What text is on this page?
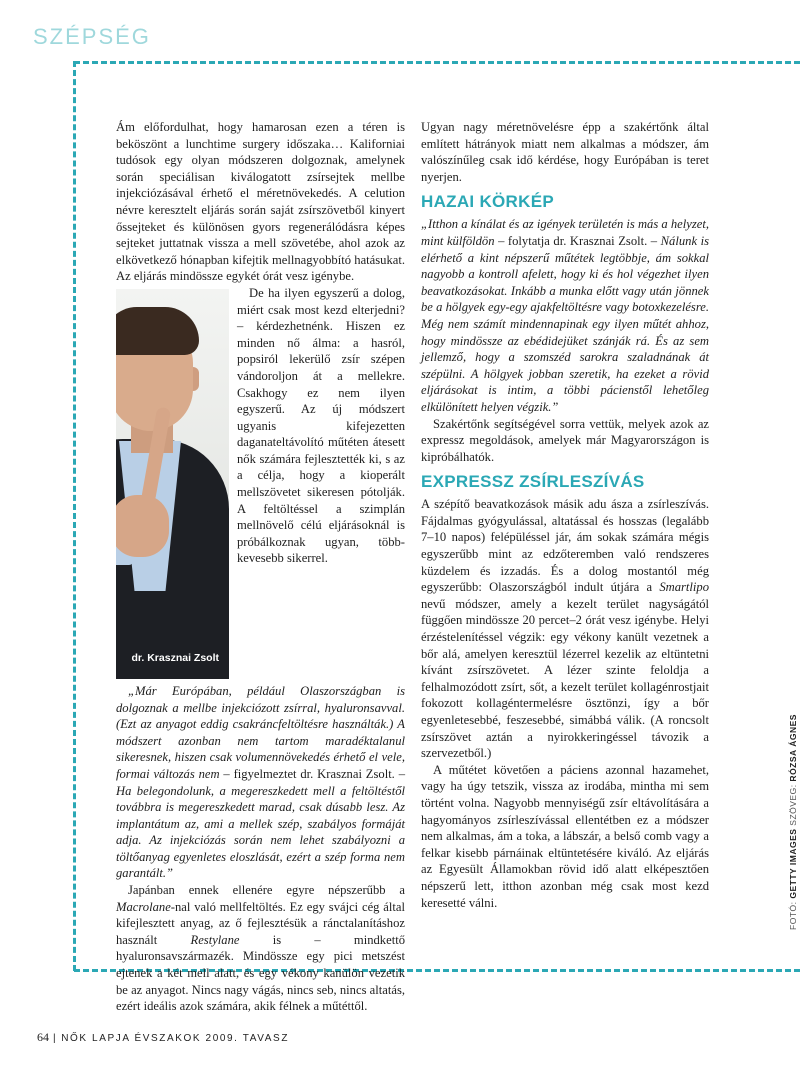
SZÉPSÉG

Ám előfordulhat, hogy hamarosan ezen a téren is beköszönt a lunchtime surgery időszaka… Kaliforniai tudósok egy olyan módszeren dolgoznak, amelynek során speciálisan kiválogatott zsírsejtek mellbe injekciózásával érhető el méretnövekedés. A celution névre keresztelt eljárás során saját zsírszövetből kinyert őssejteket és különösen gyors regenerálódásra képes sejteket juttatnak vissza a mell szövetébe, ahol azok az elkövetkező hónapban kifejtik mellnagyobbító hatásukat. Az eljárás mindössze egykét órát vesz igénybe.

dr. Krasznai Zsolt

De ha ilyen egyszerű a dolog, miért csak most kezd elterjedni? – kérdezhetnénk. Hiszen ez minden nő álma: a hasról, popsiról lekerülő zsír szépen vándoroljon át a mellekre. Csakhogy ez nem ilyen egyszerű. Az új módszert ugyanis kifejezetten daganateltávolító műtéten átesett nők számára fejlesztették ki, s az a célja, hogy a kioperált mellszövetet sikeresen pótolják. A feltöltéssel a szimplán mellnövelő célú eljárásoknál is próbálkoznak ugyan, több-kevesebb sikerrel.

„Már Európában, például Olaszországban is dolgoznak a mellbe injekciózott zsírral, hyaluronsavval. (Ezt az anyagot eddig csakráncfeltöltésre használták.) A módszert azonban nem tartom maradéktalanul sikeresnek, hiszen csak volumennövekedés érhető el vele, formai változás nem – figyelmeztet dr. Krasznai Zsolt. – Ha belegondolunk, a megereszkedett mell a feltöltéstől továbbra is megereszkedett marad, csak dúsabb lesz. Az implantátum az, ami a mellek szép, szabályos formáját adja. Az injekciózás során nem lehet szabályozni a töltőanyag egyenletes eloszlását, ezért a szép forma nem garantált.”

Japánban ennek ellenére egyre népszerűbb a Macrolane-nal való mellfeltöltés. Ez egy svájci cég által kifejlesztett anyag, az ő fejlesztésük a ránctalanításhoz használt Restylane is – mindkettő hyaluronsavszármazék. Mindössze egy pici metszést ejtenek a két mell alatt, és egy vékony kanülön vezetik be az anyagot. Nincs nagy vágás, nincs seb, nincs altatás, ezért ideális azok számára, akik félnek a műtéttől.

Ugyan nagy méretnövelésre épp a szakértőnk által említett hátrányok miatt nem alkalmas a módszer, ám valószínűleg csak idő kérdése, hogy Európában is teret nyerjen.

HAZAI KÖRKÉP

„Itthon a kínálat és az igények területén is más a helyzet, mint külföldön – folytatja dr. Krasznai Zsolt. – Nálunk is elérhető a kint népszerű műtétek legtöbbje, ám sokkal nagyobb a kontroll afelett, hogy ki és hol végezhet ilyen beavatkozásokat. Inkább a munka előtt vagy után jönnek be a hölgyek egy-egy ajakfeltöltésre vagy botoxkezelésre. Még nem számít mindennapinak egy ilyen műtét ahhoz, hogy mindössze az ebédidejüket szánják rá. És az sem jellemző, hogy a szomszéd sarokra szaladnának át szépülni. A hölgyek jobban szeretik, ha ezeket a rövid eljárásokat is intim, a többi pácienstől lehetőleg elkülönített helyen végzik.”

Szakértőnk segítségével sorra vettük, melyek azok az expressz megoldások, amelyek már Magyarországon is kipróbálhatók.

EXPRESSZ ZSÍRLESZÍVÁS

A szépítő beavatkozások másik adu ásza a zsírleszívás. Fájdalmas gyógyulással, altatással és hosszas (legalább 7–10 napos) felépüléssel jár, ám sokak számára mégis egyszerűbb mint az edzőteremben való rendszeres küzdelem és izzadás. És a dolog mostantól még egyszerűbb: Olaszországból indult útjára a Smartlipo nevű módszer, amely a kezelt terület nagyságától függően mindössze 20 percet–2 órát vesz igénybe. Helyi érzéstelenítéssel végzik: egy vékony kanült vezetnek a bőr alá, amelyen keresztül lézerrel kezelik az eltüntetni kívánt zsírszövetet. A lézer szinte feloldja a felhalmozódott zsírt, sőt, a kezelt terület kollagénrostjait fokozott kollagéntermelésre ösztönzi, így a bőr egyenletesebbé, feszesebbé, simábbá válik. (A roncsolt zsírszövet aztán a nyirokkeringéssel távozik a szervezetből.)

A műtétet követően a páciens azonnal hazamehet, vagy ha úgy tetszik, vissza az irodába, mintha mi sem történt volna. Nagyobb mennyiségű zsír eltávolítására a hagyományos zsírleszívással ellentétben ez a módszer nem alkalmas, ám a toka, a lábszár, a belső comb vagy a felkar kisebb párnáinak eltüntetésére kiváló. Az eljárás az Egyesült Államokban rövid idő alatt elképesztően népszerű lett, itthon azonban még csak most kezd keresetté válni.	FOTÓ: GETTY IMAGES SZÖVEG: RÓZSA ÁGNES
64 | NŐK LAPJA ÉVSZAKOK 2009. TAVASZ
